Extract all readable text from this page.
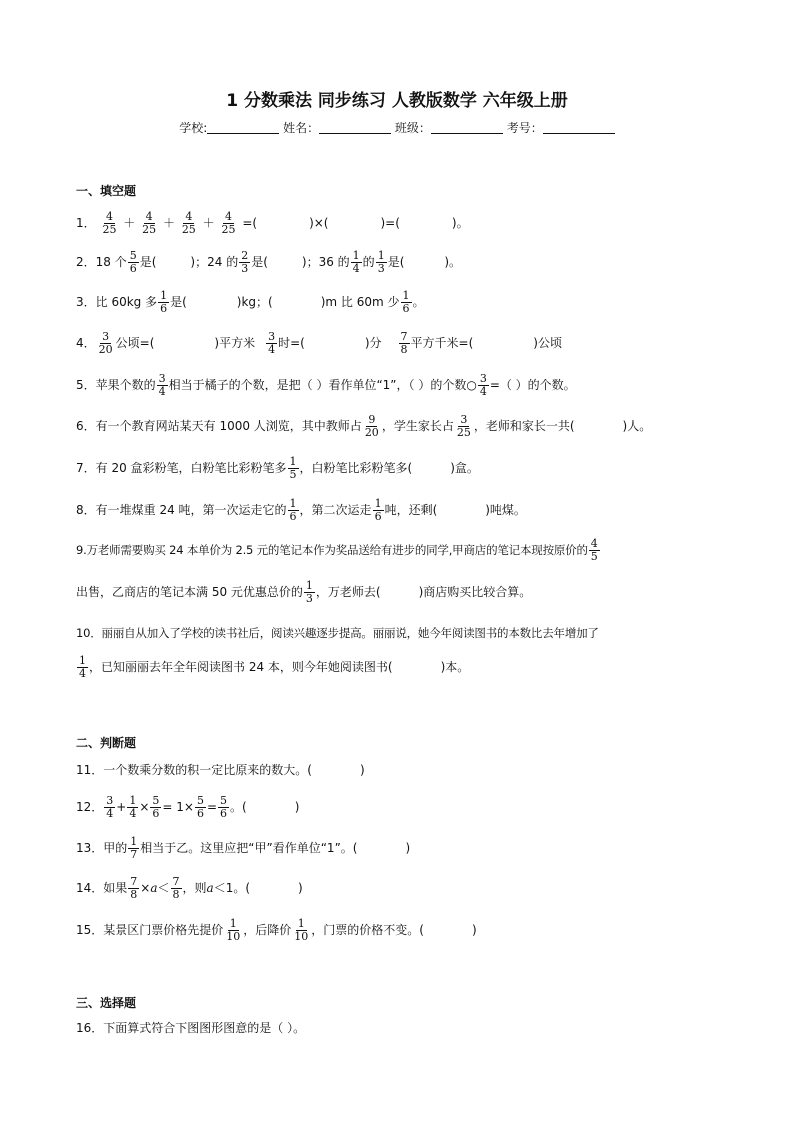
1 分数乘法 同步练习 人教版数学 六年级上册
学校:	姓名：	班级：	考号：
一、填空题
1． $\frac{4}{25} + \frac{4}{25} + \frac{4}{25} + \frac{4}{25}$ =(	)×(	)=(	)。
2．18 个 $\frac{5}{6}$ 是(	)；24 的 $\frac{2}{3}$ 是(	)；36 的 $\frac{1}{4}$ 的 $\frac{1}{3}$ 是(	)。
3．比 60kg 多 $\frac{1}{6}$ 是(	)kg；(	)m 比 60m 少 $\frac{1}{6}$ 。
4． $\frac{3}{20}$ 公顷=(	)平方米 $\frac{3}{4}$ 时=(	)分 $\frac{7}{8}$ 平方千米=(	)公顷
5．苹果个数的 $\frac{3}{4}$ 相当于橘子的个数，是把（ ）看作单位“1”，（ ）的个数○ $\frac{3}{4}$ =（ ）的个数。
6．有一个教育网站某天有 1000 人浏览，其中教师占 $\frac{9}{20}$ ，学生家长占 $\frac{3}{25}$ ，老师和家长一共(	)人。
7．有 20 盒彩粉笔，白粉笔比彩粉笔多 $\frac{1}{5}$ ，白粉笔比彩粉笔多(	)盒。
8．有一堆煤重 24 吨，第一次运走它的 $\frac{1}{6}$ ，第二次运走 $\frac{1}{6}$ 吨，还剩(	)吨煤。
9.万老师需要购买 24 本单价为 2.5 元的笔记本作为奖品送给有进步的同学,甲商店的笔记本现按原价的 $\frac{4}{5}$
出售，乙商店的笔记本满 50 元优惠总价的 $\frac{1}{3}$ ，万老师去(	)商店购买比较合算。
10．丽丽自从加入了学校的读书社后，阅读兴趣逐步提高。丽丽说，她今年阅读图书的本数比去年增加了
$\frac{1}{4}$ ，已知丽丽去年全年阅读图书 24 本，则今年她阅读图书(	)本。
二、判断题
11．一个数乘分数的积一定比原来的数大。(	)
12． $\frac{3}{4} + \frac{1}{4} \times \frac{5}{6} = 1\times \frac{5}{6} = \frac{5}{6}$ 。(	)
13．甲的 $\frac{1}{7}$ 相当于乙。这里应把“甲”看作单位“1”。(	)
14．如果 $\frac{7}{8} \times a< \frac{7}{8}$ ，则a＜1。(	)
15．某景区门票价格先提价 $\frac{1}{10}$ ，后降价 $\frac{1}{10}$ ，门票的价格不变。(	)
三、选择题
16．下面算式符合下图图形图意的是（ ）。
